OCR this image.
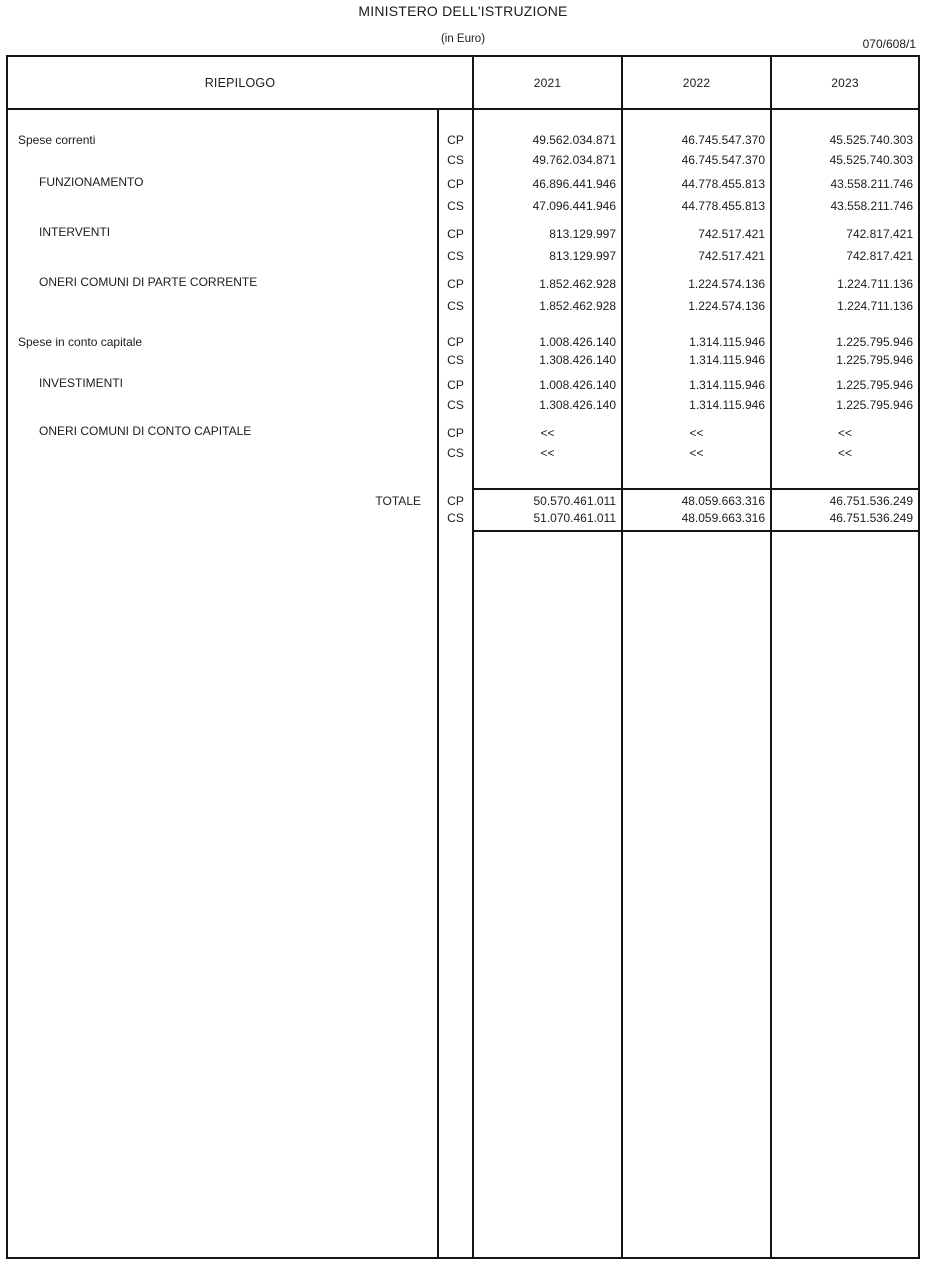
MINISTERO DELL'ISTRUZIONE
(in Euro)	070/608/1
RIEPILOGO	2021	2022	2023
Spese correnti	CP	49.562.034.871	46.745.547.370	45.525.740.303
CS	49.762.034.871	46.745.547.370	45.525.740.303
FUNZIONAMENTO	CP	46.896.441.946	44.778.455.813	43.558.211.746
CS	47.096.441.946	44.778.455.813	43.558.211.746
INTERVENTI	CP	813.129.997	742.517.421	742.817.421
CS	813.129.997	742.517.421	742.817.421
ONERI COMUNI DI PARTE CORRENTE	CP	1.852.462.928	1.224.574.136	1.224.711.136
CS	1.852.462.928	1.224.574.136	1.224.711.136
Spese in conto capitale	CP	1.008.426.140	1.314.115.946	1.225.795.946
CS	1.308.426.140	1.314.115.946	1.225.795.946
INVESTIMENTI	CP	1.008.426.140	1.314.115.946	1.225.795.946
CS	1.308.426.140	1.314.115.946	1.225.795.946
ONERI COMUNI DI CONTO CAPITALE	CP	<<	<<	<<
CS	<<	<<	<<
TOTALE	CP	50.570.461.011	48.059.663.316	46.751.536.249
CS	51.070.461.011	48.059.663.316	46.751.536.249
